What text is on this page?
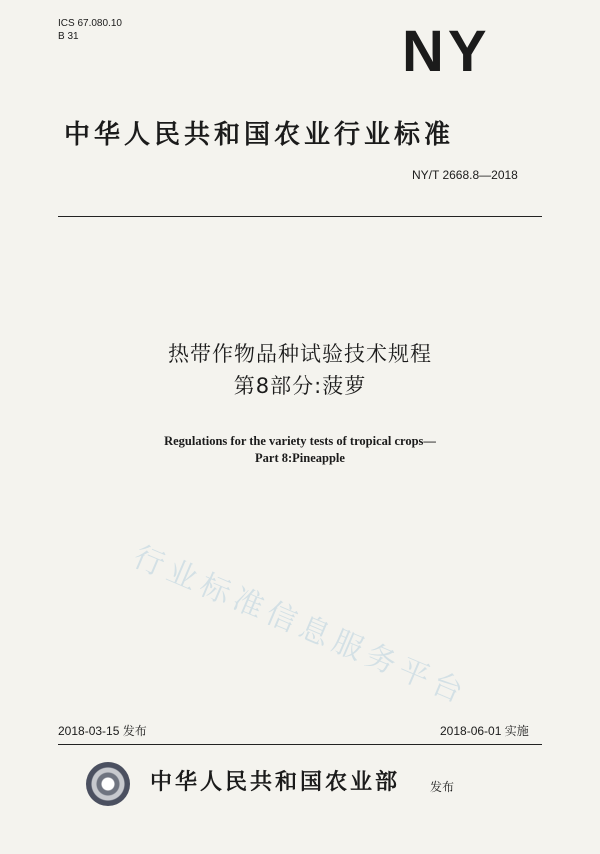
ICS 67.080.10
B 31	NY
中华人民共和国农业行业标准
NY/T 2668.8—2018
热带作物品种试验技术规程
第8部分:菠萝
Regulations for the variety tests of tropical crops—
Part 8:Pineapple
行业标准信息服务平台
2018-03-15 发布	2018-06-01 实施
中华人民共和国农业部 发布
